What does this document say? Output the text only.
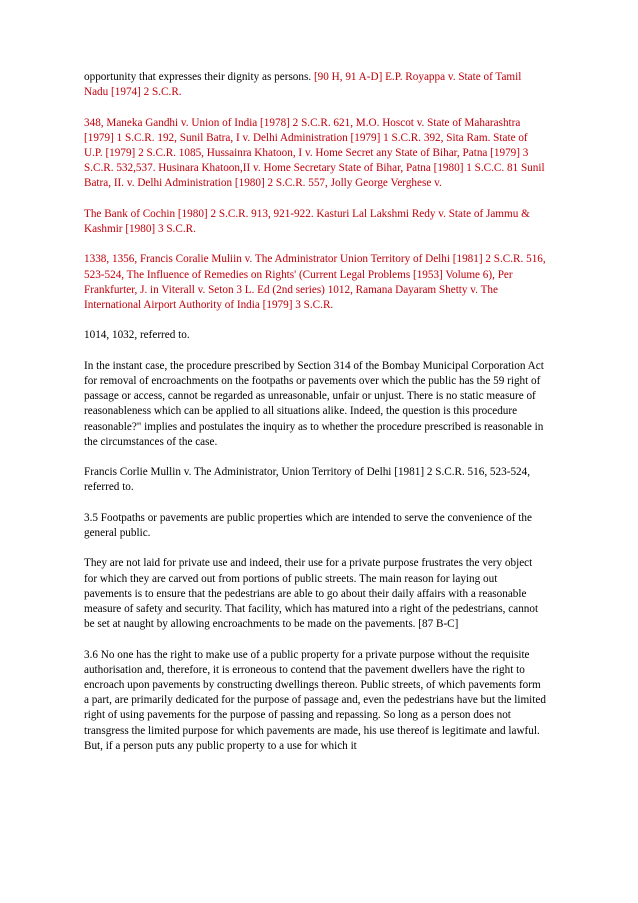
opportunity that expresses their dignity as persons. [90 H, 91 A-D] E.P. Royappa v. State of Tamil Nadu [1974] 2 S.C.R.

348, Maneka Gandhi v. Union of India [1978] 2 S.C.R. 621, M.O. Hoscot v. State of Maharashtra [1979] 1 S.C.R. 192, Sunil Batra, I v. Delhi Administration [1979] 1 S.C.R. 392, Sita Ram. State of U.P. [1979] 2 S.C.R. 1085, Hussainra Khatoon, I v. Home Secret any State of Bihar, Patna [1979] 3 S.C.R. 532,537. Husinara Khatoon,II v. Home Secretary State of Bihar, Patna [1980] 1 S.C.C. 81 Sunil Batra, II. v. Delhi Administration [1980] 2 S.C.R. 557, Jolly George Verghese v.

The Bank of Cochin [1980] 2 S.C.R. 913, 921-922. Kasturi Lal Lakshmi Redy v. State of Jammu & Kashmir [1980] 3 S.C.R.

1338, 1356, Francis Coralie Muliin v. The Administrator Union Territory of Delhi [1981] 2 S.C.R. 516, 523-524, The Influence of Remedies on Rights' (Current Legal Problems [1953] Volume 6), Per Frankfurter, J. in Viterall v. Seton 3 L. Ed (2nd series) 1012, Ramana Dayaram Shetty v. The International Airport Authority of India [1979] 3 S.C.R.

1014, 1032, referred to.

In the instant case, the procedure prescribed by Section 314 of the Bombay Municipal Corporation Act for removal of encroachments on the footpaths or pavements over which the public has the 59 right of passage or access, cannot be regarded as unreasonable, unfair or unjust. There is no static measure of reasonableness which can be applied to all situations alike. Indeed, the question is this procedure reasonable?" implies and postulates the inquiry as to whether the procedure prescribed is reasonable in the circumstances of the case.

Francis Corlie Mullin v. The Administrator, Union Territory of Delhi [1981] 2 S.C.R. 516, 523-524, referred to.

3.5 Footpaths or pavements are public properties which are intended to serve the convenience of the general public.

They are not laid for private use and indeed, their use for a private purpose frustrates the very object for which they are carved out from portions of public streets. The main reason for laying out pavements is to ensure that the pedestrians are able to go about their daily affairs with a reasonable measure of safety and security. That facility, which has matured into a right of the pedestrians, cannot be set at naught by allowing encroachments to be made on the pavements. [87 B-C]

3.6 No one has the right to make use of a public property for a private purpose without the requisite authorisation and, therefore, it is erroneous to contend that the pavement dwellers have the right to encroach upon pavements by constructing dwellings thereon. Public streets, of which pavements form a part, are primarily dedicated for the purpose of passage and, even the pedestrians have but the limited right of using pavements for the purpose of passing and repassing. So long as a person does not transgress the limited purpose for which pavements are made, his use thereof is legitimate and lawful. But, if a person puts any public property to a use for which it
